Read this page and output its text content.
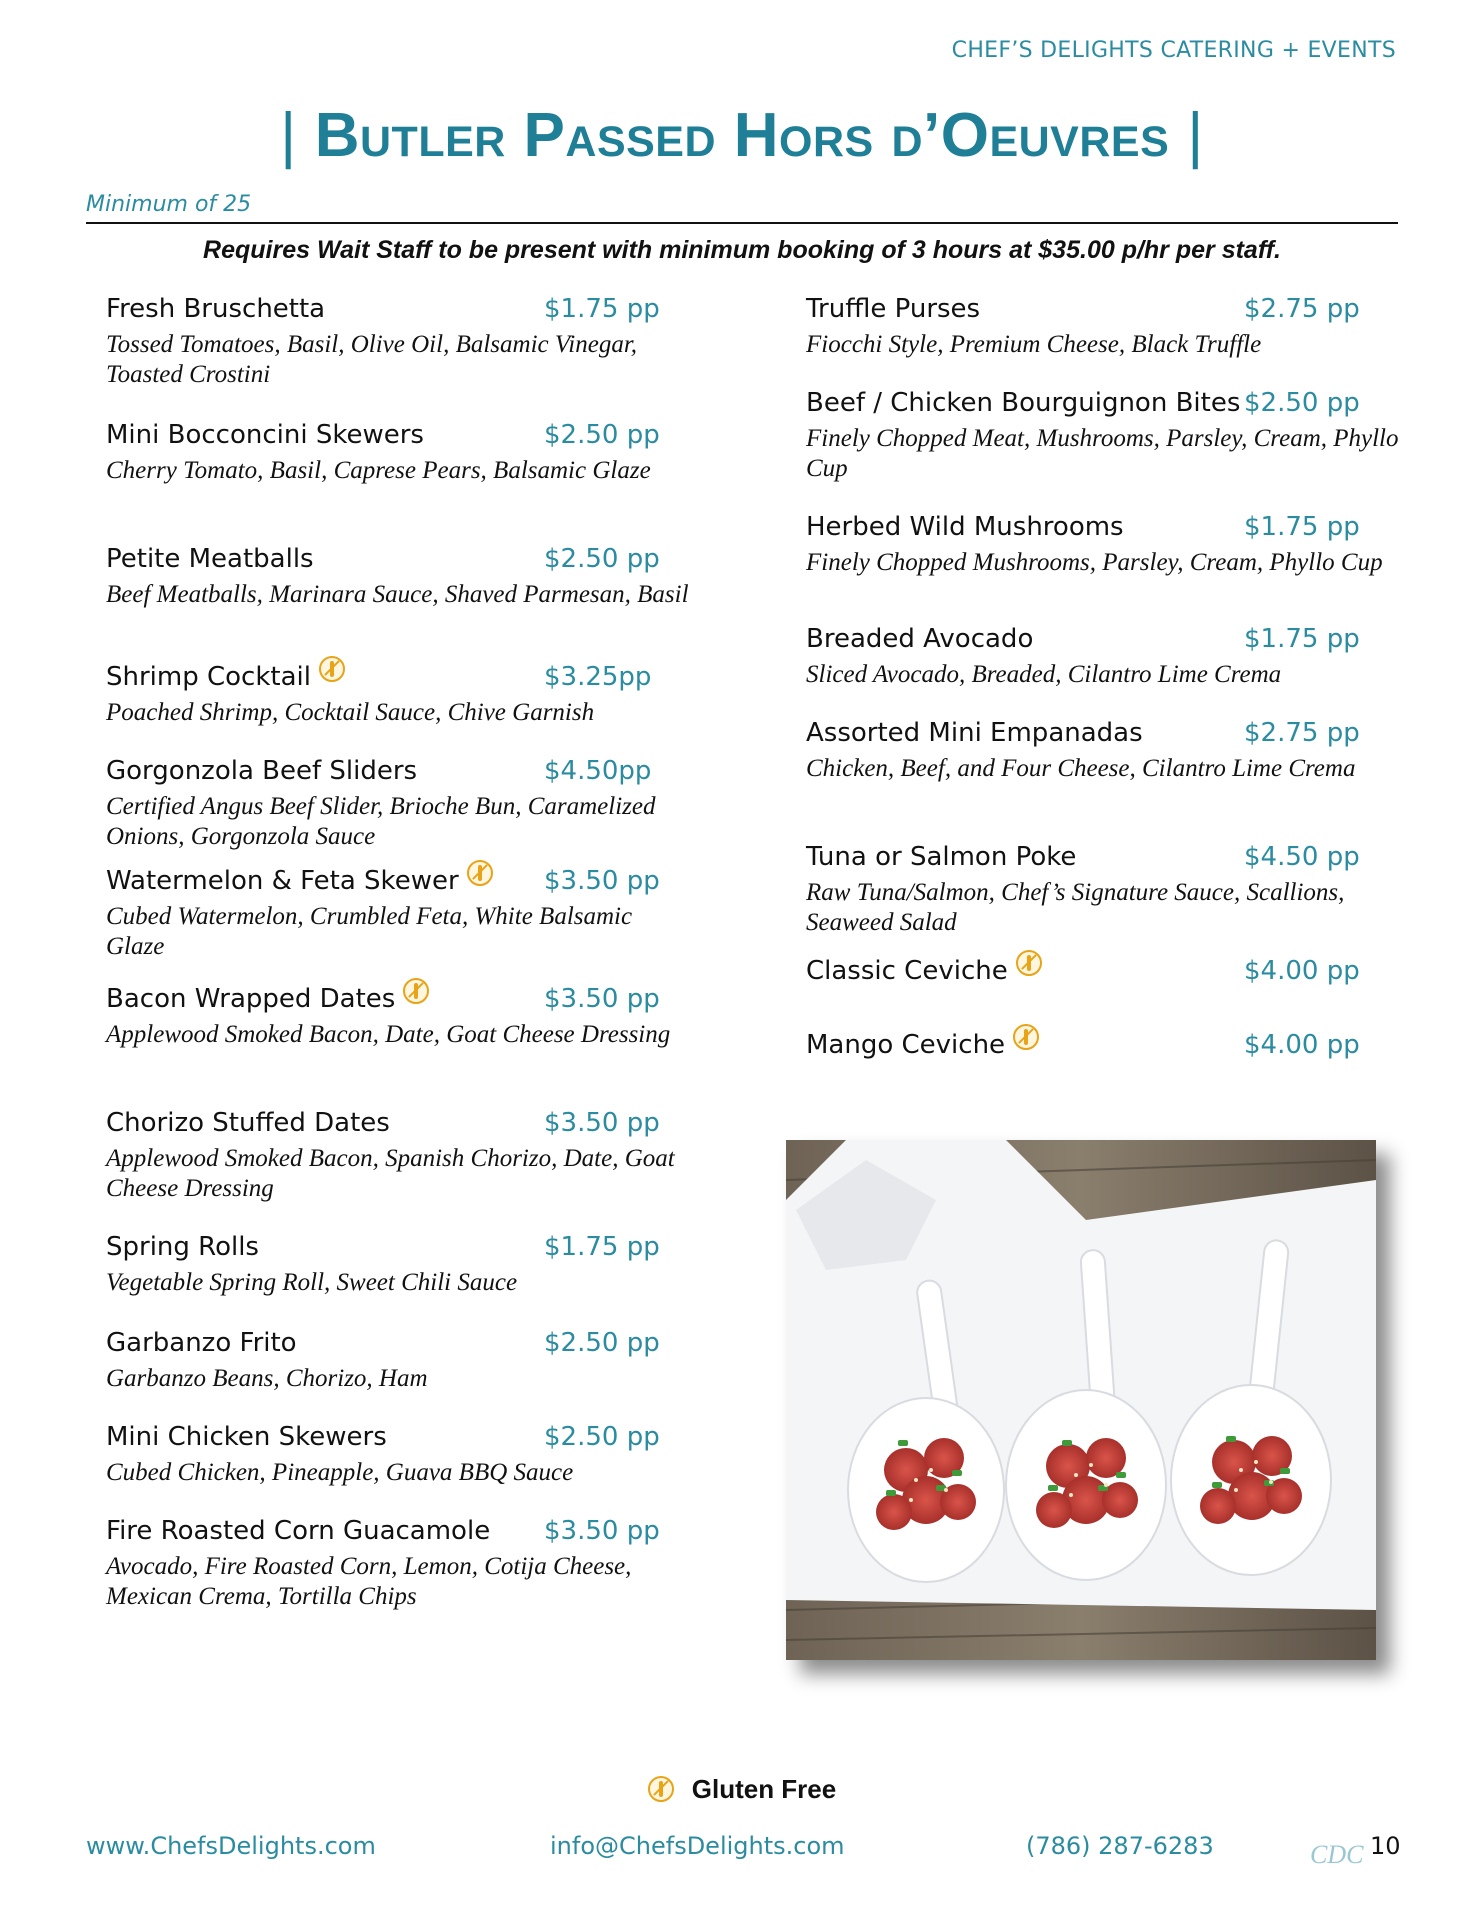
CHEF’S DELIGHTS CATERING + EVENTS
| Butler Passed Hors d’Oeuvres |
Minimum of 25
Requires Wait Staff to be present with minimum booking of 3 hours at $35.00 p/hr per staff.
Fresh Bruschetta	$1.75 pp
Tossed Tomatoes, Basil, Olive Oil, Balsamic Vinegar, Toasted Crostini
Mini Bocconcini Skewers	$2.50 pp
Cherry Tomato, Basil, Caprese Pears, Balsamic Glaze
Petite Meatballs	$2.50 pp
Beef Meatballs, Marinara Sauce, Shaved Parmesan, Basil
Shrimp Cocktail	$3.25pp
Poached Shrimp, Cocktail Sauce, Chive Garnish
Gorgonzola Beef Sliders	$4.50pp
Certified Angus Beef Slider, Brioche Bun, Caramelized Onions, Gorgonzola Sauce
Watermelon & Feta Skewer	$3.50 pp
Cubed Watermelon, Crumbled Feta, White Balsamic Glaze
Bacon Wrapped Dates	$3.50 pp
Applewood Smoked Bacon, Date, Goat Cheese Dressing
Chorizo Stuffed Dates	$3.50 pp
Applewood Smoked Bacon, Spanish Chorizo, Date, Goat Cheese Dressing
Spring Rolls	$1.75 pp
Vegetable Spring Roll, Sweet Chili Sauce
Garbanzo Frito	$2.50 pp
Garbanzo Beans, Chorizo, Ham
Mini Chicken Skewers	$2.50 pp
Cubed Chicken, Pineapple, Guava BBQ Sauce
Fire Roasted Corn Guacamole $3.50 pp
Avocado, Fire Roasted Corn, Lemon, Cotija Cheese, Mexican Crema, Tortilla Chips
Truffle Purses	$2.75 pp
Fiocchi Style, Premium Cheese, Black Truffle
Beef / Chicken Bourguignon Bites $2.50 pp
Finely Chopped Meat, Mushrooms, Parsley, Cream, Phyllo Cup
Herbed Wild Mushrooms	$1.75 pp
Finely Chopped Mushrooms, Parsley, Cream, Phyllo Cup
Breaded Avocado	$1.75 pp
Sliced Avocado, Breaded, Cilantro Lime Crema
Assorted Mini Empanadas	$2.75 pp
Chicken, Beef, and Four Cheese, Cilantro Lime Crema
Tuna or Salmon Poke	$4.50 pp
Raw Tuna/Salmon, Chef’s Signature Sauce, Scallions, Seaweed Salad
Classic Ceviche	$4.00 pp
Mango Ceviche	$4.00 pp
Gluten Free
www.ChefsDelights.com	info@ChefsDelights.com	(786) 287-6283	CDC 10
